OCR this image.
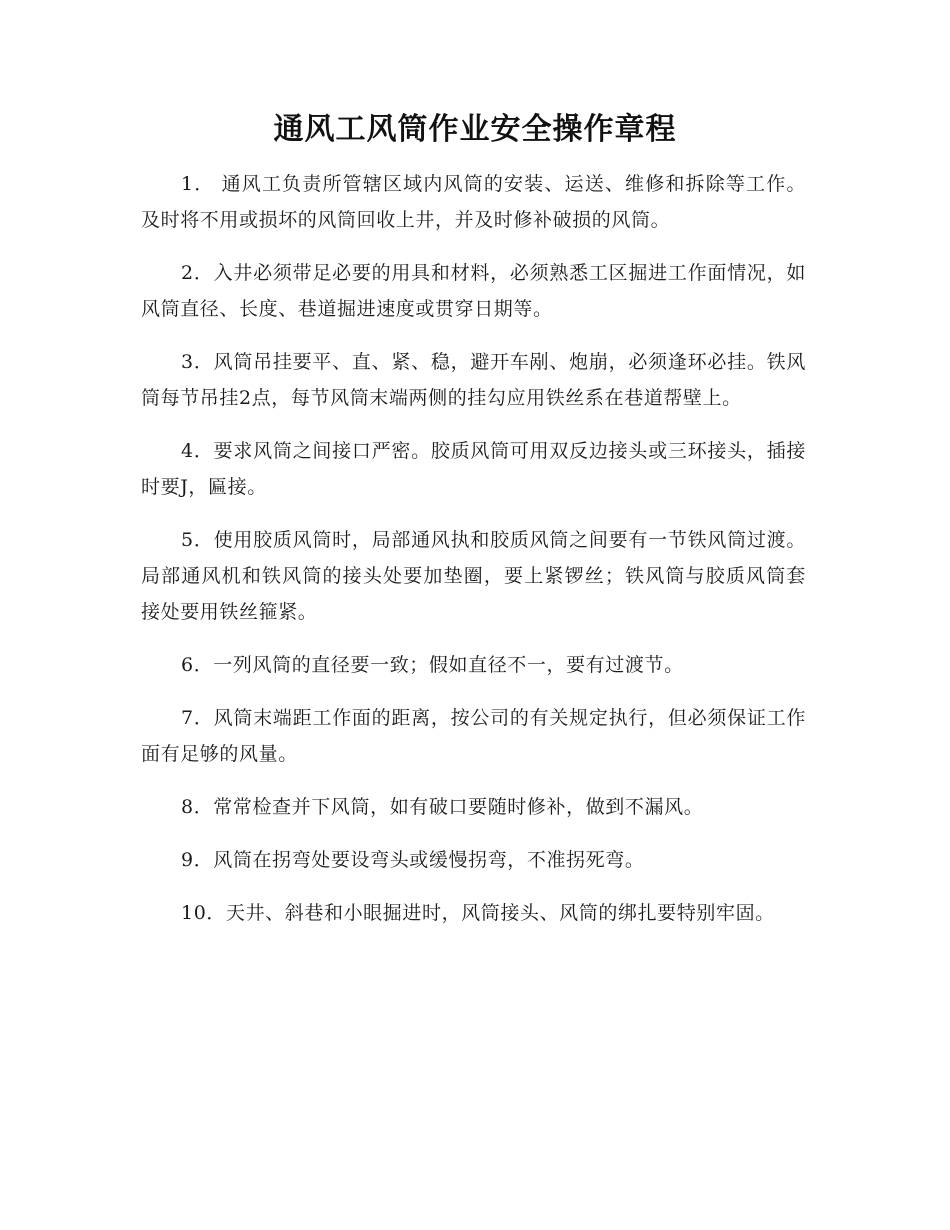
通风工风筒作业安全操作章程

1． 通风工负责所管辖区域内风筒的安装、运送、维修和拆除等工作。及时将不用或损坏的风筒回收上井，并及时修补破损的风筒。

2．入井必须带足必要的用具和材料，必须熟悉工区掘进工作面情况，如风筒直径、长度、巷道掘进速度或贯穿日期等。

3．风筒吊挂要平、直、紧、稳，避开车剐、炮崩，必须逢环必挂。铁风筒每节吊挂2点，每节风筒末端两侧的挂勾应用铁丝系在巷道帮壁上。

4．要求风筒之间接口严密。胶质风筒可用双反边接头或三环接头，插接时要J，匾接。

5．使用胶质风筒时，局部通风执和胶质风筒之间要有一节铁风筒过渡。局部通风机和铁风筒的接头处要加垫圈，要上紧锣丝；铁风筒与胶质风筒套接处要用铁丝箍紧。

6．一列风筒的直径要一致；假如直径不一，要有过渡节。

7．风筒末端距工作面的距离，按公司的有关规定执行，但必须保证工作面有足够的风量。

8．常常检查并下风筒，如有破口要随时修补，做到不漏风。

9．风筒在拐弯处要设弯头或缓慢拐弯，不准拐死弯。

10．天井、斜巷和小眼掘进时，风筒接头、风筒的绑扎要特别牢固。
